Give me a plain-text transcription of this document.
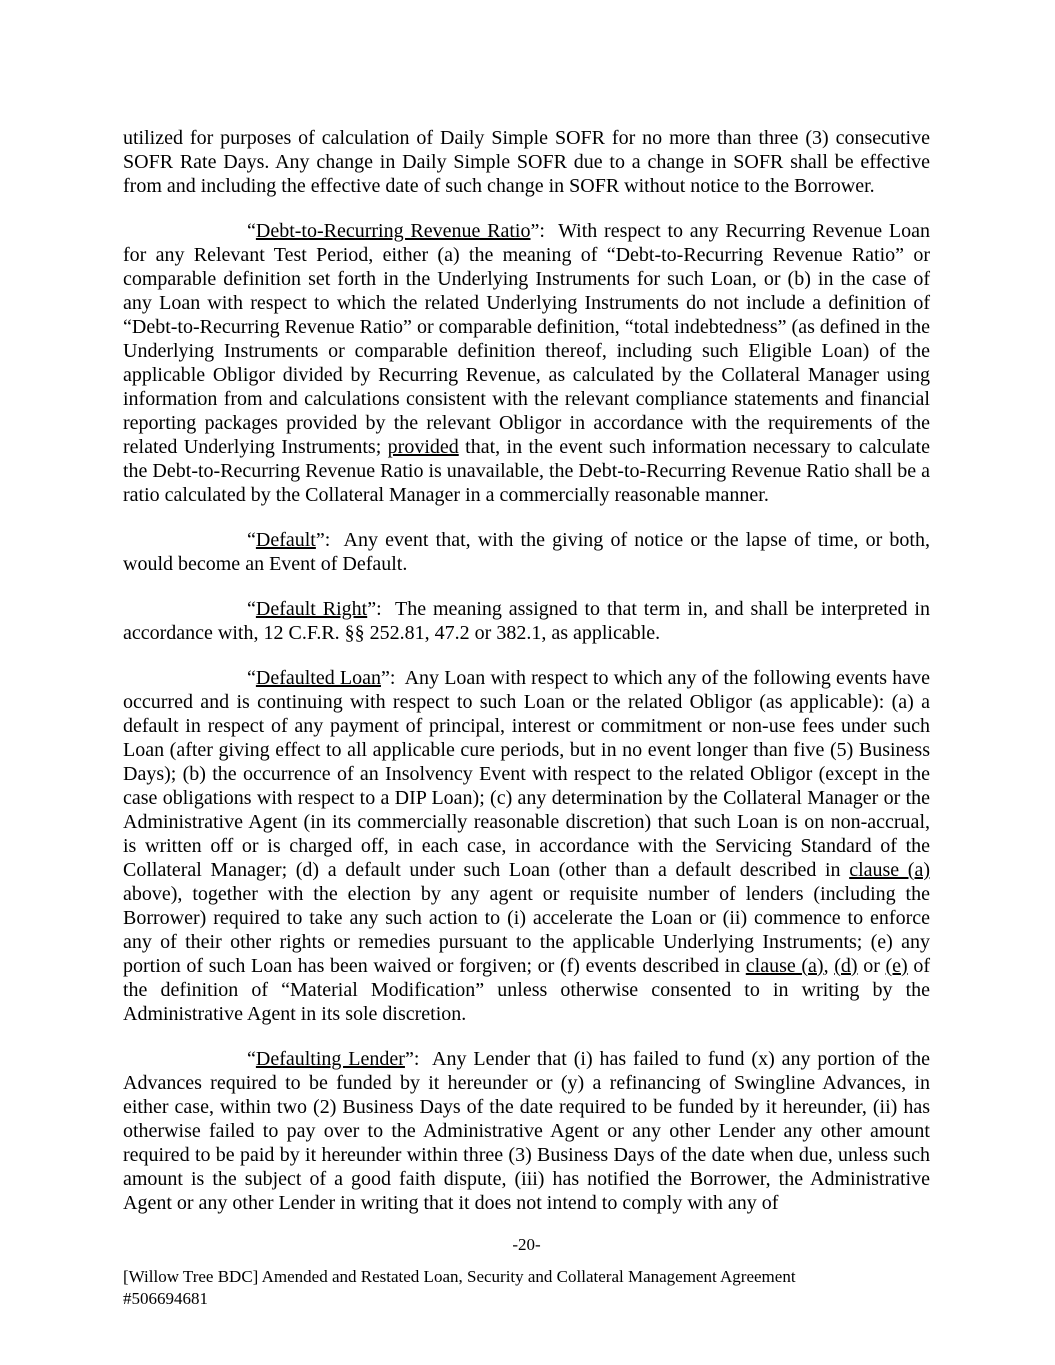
utilized for purposes of calculation of Daily Simple SOFR for no more than three (3) consecutive SOFR Rate Days. Any change in Daily Simple SOFR due to a change in SOFR shall be effective from and including the effective date of such change in SOFR without notice to the Borrower.

“Debt-to-Recurring Revenue Ratio”:  With respect to any Recurring Revenue Loan for any Relevant Test Period, either (a) the meaning of “Debt-to-Recurring Revenue Ratio” or comparable definition set forth in the Underlying Instruments for such Loan, or (b) in the case of any Loan with respect to which the related Underlying Instruments do not include a definition of “Debt-to-Recurring Revenue Ratio” or comparable definition, “total indebtedness” (as defined in the Underlying Instruments or comparable definition thereof, including such Eligible Loan) of the applicable Obligor divided by Recurring Revenue, as calculated by the Collateral Manager using information from and calculations consistent with the relevant compliance statements and financial reporting packages provided by the relevant Obligor in accordance with the requirements of the related Underlying Instruments; provided that, in the event such information necessary to calculate the Debt-to-Recurring Revenue Ratio is unavailable, the Debt-to-Recurring Revenue Ratio shall be a ratio calculated by the Collateral Manager in a commercially reasonable manner.

“Default”:  Any event that, with the giving of notice or the lapse of time, or both, would become an Event of Default.

“Default Right”:  The meaning assigned to that term in, and shall be interpreted in accordance with, 12 C.F.R. §§ 252.81, 47.2 or 382.1, as applicable.

“Defaulted Loan”:  Any Loan with respect to which any of the following events have occurred and is continuing with respect to such Loan or the related Obligor (as applicable): (a) a default in respect of any payment of principal, interest or commitment or non-use fees under such Loan (after giving effect to all applicable cure periods, but in no event longer than five (5) Business Days); (b) the occurrence of an Insolvency Event with respect to the related Obligor (except in the case obligations with respect to a DIP Loan); (c) any determination by the Collateral Manager or the Administrative Agent (in its commercially reasonable discretion) that such Loan is on non-accrual, is written off or is charged off, in each case, in accordance with the Servicing Standard of the Collateral Manager; (d) a default under such Loan (other than a default described in clause (a) above), together with the election by any agent or requisite number of lenders (including the Borrower) required to take any such action to (i) accelerate the Loan or (ii) commence to enforce any of their other rights or remedies pursuant to the applicable Underlying Instruments; (e) any portion of such Loan has been waived or forgiven; or (f) events described in clause (a), (d) or (e) of the definition of “Material Modification” unless otherwise consented to in writing by the Administrative Agent in its sole discretion.

“Defaulting Lender”:  Any Lender that (i) has failed to fund (x) any portion of the Advances required to be funded by it hereunder or (y) a refinancing of Swingline Advances, in either case, within two (2) Business Days of the date required to be funded by it hereunder, (ii) has otherwise failed to pay over to the Administrative Agent or any other Lender any other amount required to be paid by it hereunder within three (3) Business Days of the date when due, unless such amount is the subject of a good faith dispute, (iii) has notified the Borrower, the Administrative Agent or any other Lender in writing that it does not intend to comply with any of

-20-
[Willow Tree BDC] Amended and Restated Loan, Security and Collateral Management Agreement
#506694681
